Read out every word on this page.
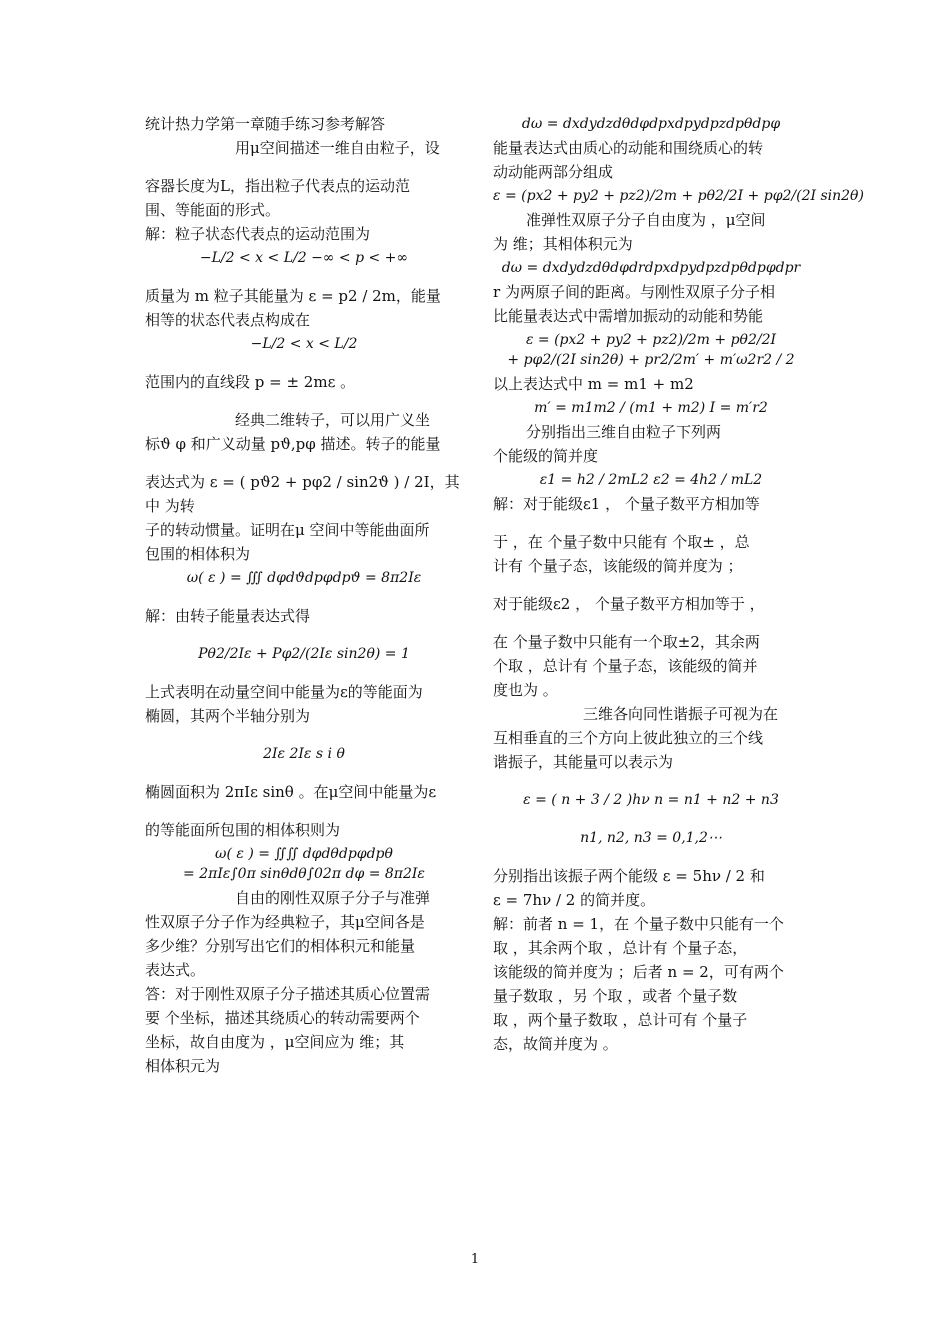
统计热力学第一章随手练习参考解答
用μ空间描述一维自由粒子，设
容器长度为L，指出粒子代表点的运动范
围、等能面的形式。
解：粒子状态代表点的运动范围为
−L/2 < x < L/2 −∞ < p < +∞
质量为 m 粒子其能量为 ε = p2 / 2m，能量
相等的状态代表点构成在
−L/2 < x < L/2
范围内的直线段 p = ± 2mε 。
经典二维转子，可以用广义坐
标ϑ φ 和广义动量 pϑ,pφ 描述。转子的能量
表达式为 ε = ( pϑ2 + pφ2 / sin2ϑ ) / 2I，其中 为转
子的转动惯量。证明在μ 空间中等能曲面所
包围的相体积为
ω( ε ) = ∭ dφdϑdpφdpϑ = 8π2Iε
解：由转子能量表达式得
Pθ2/2Iε + Pφ2/(2Iε sin2θ) = 1
上式表明在动量空间中能量为ε的等能面为
椭圆，其两个半轴分别为
2Iε 2Iε s i θ
椭圆面积为 2πIε sinθ 。在μ空间中能量为ε
的等能面所包围的相体积则为
ω( ε ) = ∬∬ dφdθdpφdpθ
= 2πIε∫0π sinθdθ∫02π dφ = 8π2Iε
自由的刚性双原子分子与准弹
性双原子分子作为经典粒子，其μ空间各是
多少维？分别写出它们的相体积元和能量
表达式。
答：对于刚性双原子分子描述其质心位置需
要 个坐标，描述其绕质心的转动需要两个
坐标，故自由度为 ，μ空间应为 维；其
相体积元为
dω = dxdydzdθdφdpxdpydpzdpθdpφ
能量表达式由质心的动能和围绕质心的转
动动能两部分组成
ε = (px2 + py2 + pz2)/2m + pθ2/2I + pφ2/(2I sin2θ)
准弹性双原子分子自由度为 ，μ空间
为 维；其相体积元为
dω = dxdydzdθdφdrdpxdpydpzdpθdpφdpr
r 为两原子间的距离。与刚性双原子分子相
比能量表达式中需增加振动的动能和势能
ε = (px2 + py2 + pz2)/2m + pθ2/2I
+ pφ2/(2I sin2θ) + pr2/2m′ + m′ω2r2 / 2
以上表达式中 m = m1 + m2
m′ = m1m2 / (m1 + m2) I = m′r2
分别指出三维自由粒子下列两
个能级的简并度
ε1 = h2 / 2mL2 ε2 = 4h2 / mL2
解：对于能级ε1 ， 个量子数平方相加等
于 ，在 个量子数中只能有 个取± ，总
计有 个量子态，该能级的简并度为 ；
对于能级ε2 ， 个量子数平方相加等于 ，
在 个量子数中只能有一个取±2，其余两
个取 ，总计有 个量子态，该能级的简并
度也为 。
三维各向同性谐振子可视为在
互相垂直的三个方向上彼此独立的三个线
谐振子，其能量可以表示为
ε = ( n + 3 / 2 )hν n = n1 + n2 + n3
n1, n2, n3 = 0,1,2⋯
分别指出该振子两个能级 ε = 5hν / 2 和
ε = 7hν / 2 的简并度。
解：前者 n = 1，在 个量子数中只能有一个
取 ，其余两个取 ，总计有 个量子态，
该能级的简并度为 ；后者 n = 2，可有两个
量子数取 ，另 个取 ，或者 个量子数
取 ，两个量子数取 ，总计可有 个量子
态，故简并度为 。
1
